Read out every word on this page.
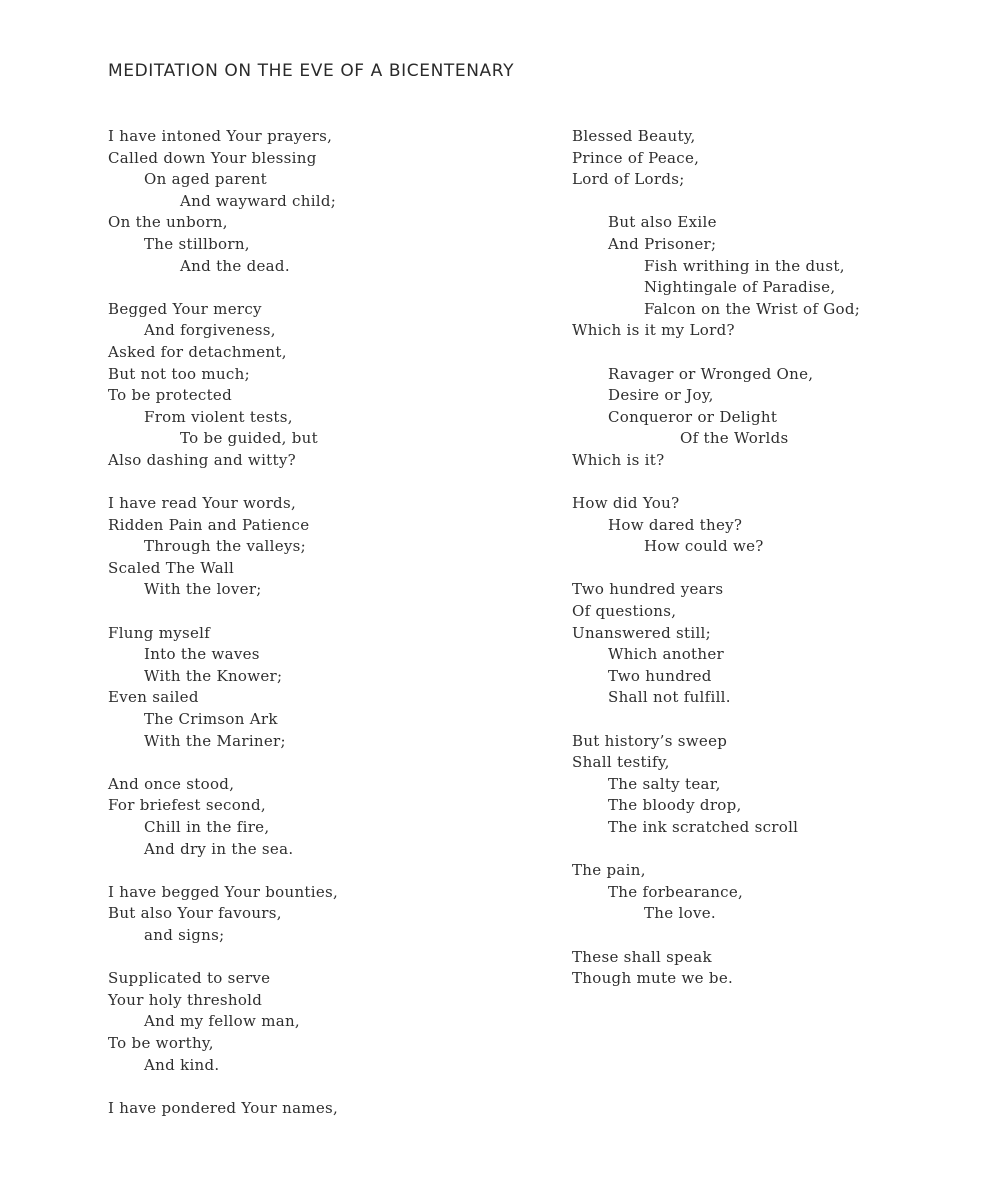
MEDITATION ON THE EVE OF A BICENTENARY
I have intoned Your prayers,
Called down Your blessing
On aged parent
And wayward child;
On the unborn,
The stillborn,
And the dead.
Begged Your mercy
And forgiveness,
Asked for detachment,
But not too much;
To be protected
From violent tests,
To be guided, but
Also dashing and witty?
I have read Your words,
Ridden Pain and Patience
Through the valleys;
Scaled The Wall
With the lover;
Flung myself
Into the waves
With the Knower;
Even sailed
The Crimson Ark
With the Mariner;
And once stood,
For briefest second,
Chill in the fire,
And dry in the sea.
I have begged Your bounties,
But also Your favours,
and signs;
Supplicated to serve
Your holy threshold
And my fellow man,
To be worthy,
And kind.
I have pondered Your names,
Blessed Beauty,
Prince of Peace,
Lord of Lords;
But also Exile
And Prisoner;
Fish writhing in the dust,
Nightingale of Paradise,
Falcon on the Wrist of God;
Which is it my Lord?
Ravager or Wronged One,
Desire or Joy,
Conqueror or Delight
Of the Worlds
Which is it?
How did You?
How dared they?
How could we?
Two hundred years
Of questions,
Unanswered still;
Which another
Two hundred
Shall not fulfill.
But history’s sweep
Shall testify,
The salty tear,
The bloody drop,
The ink scratched scroll
The pain,
The forbearance,
The love.
These shall speak
Though mute we be.
